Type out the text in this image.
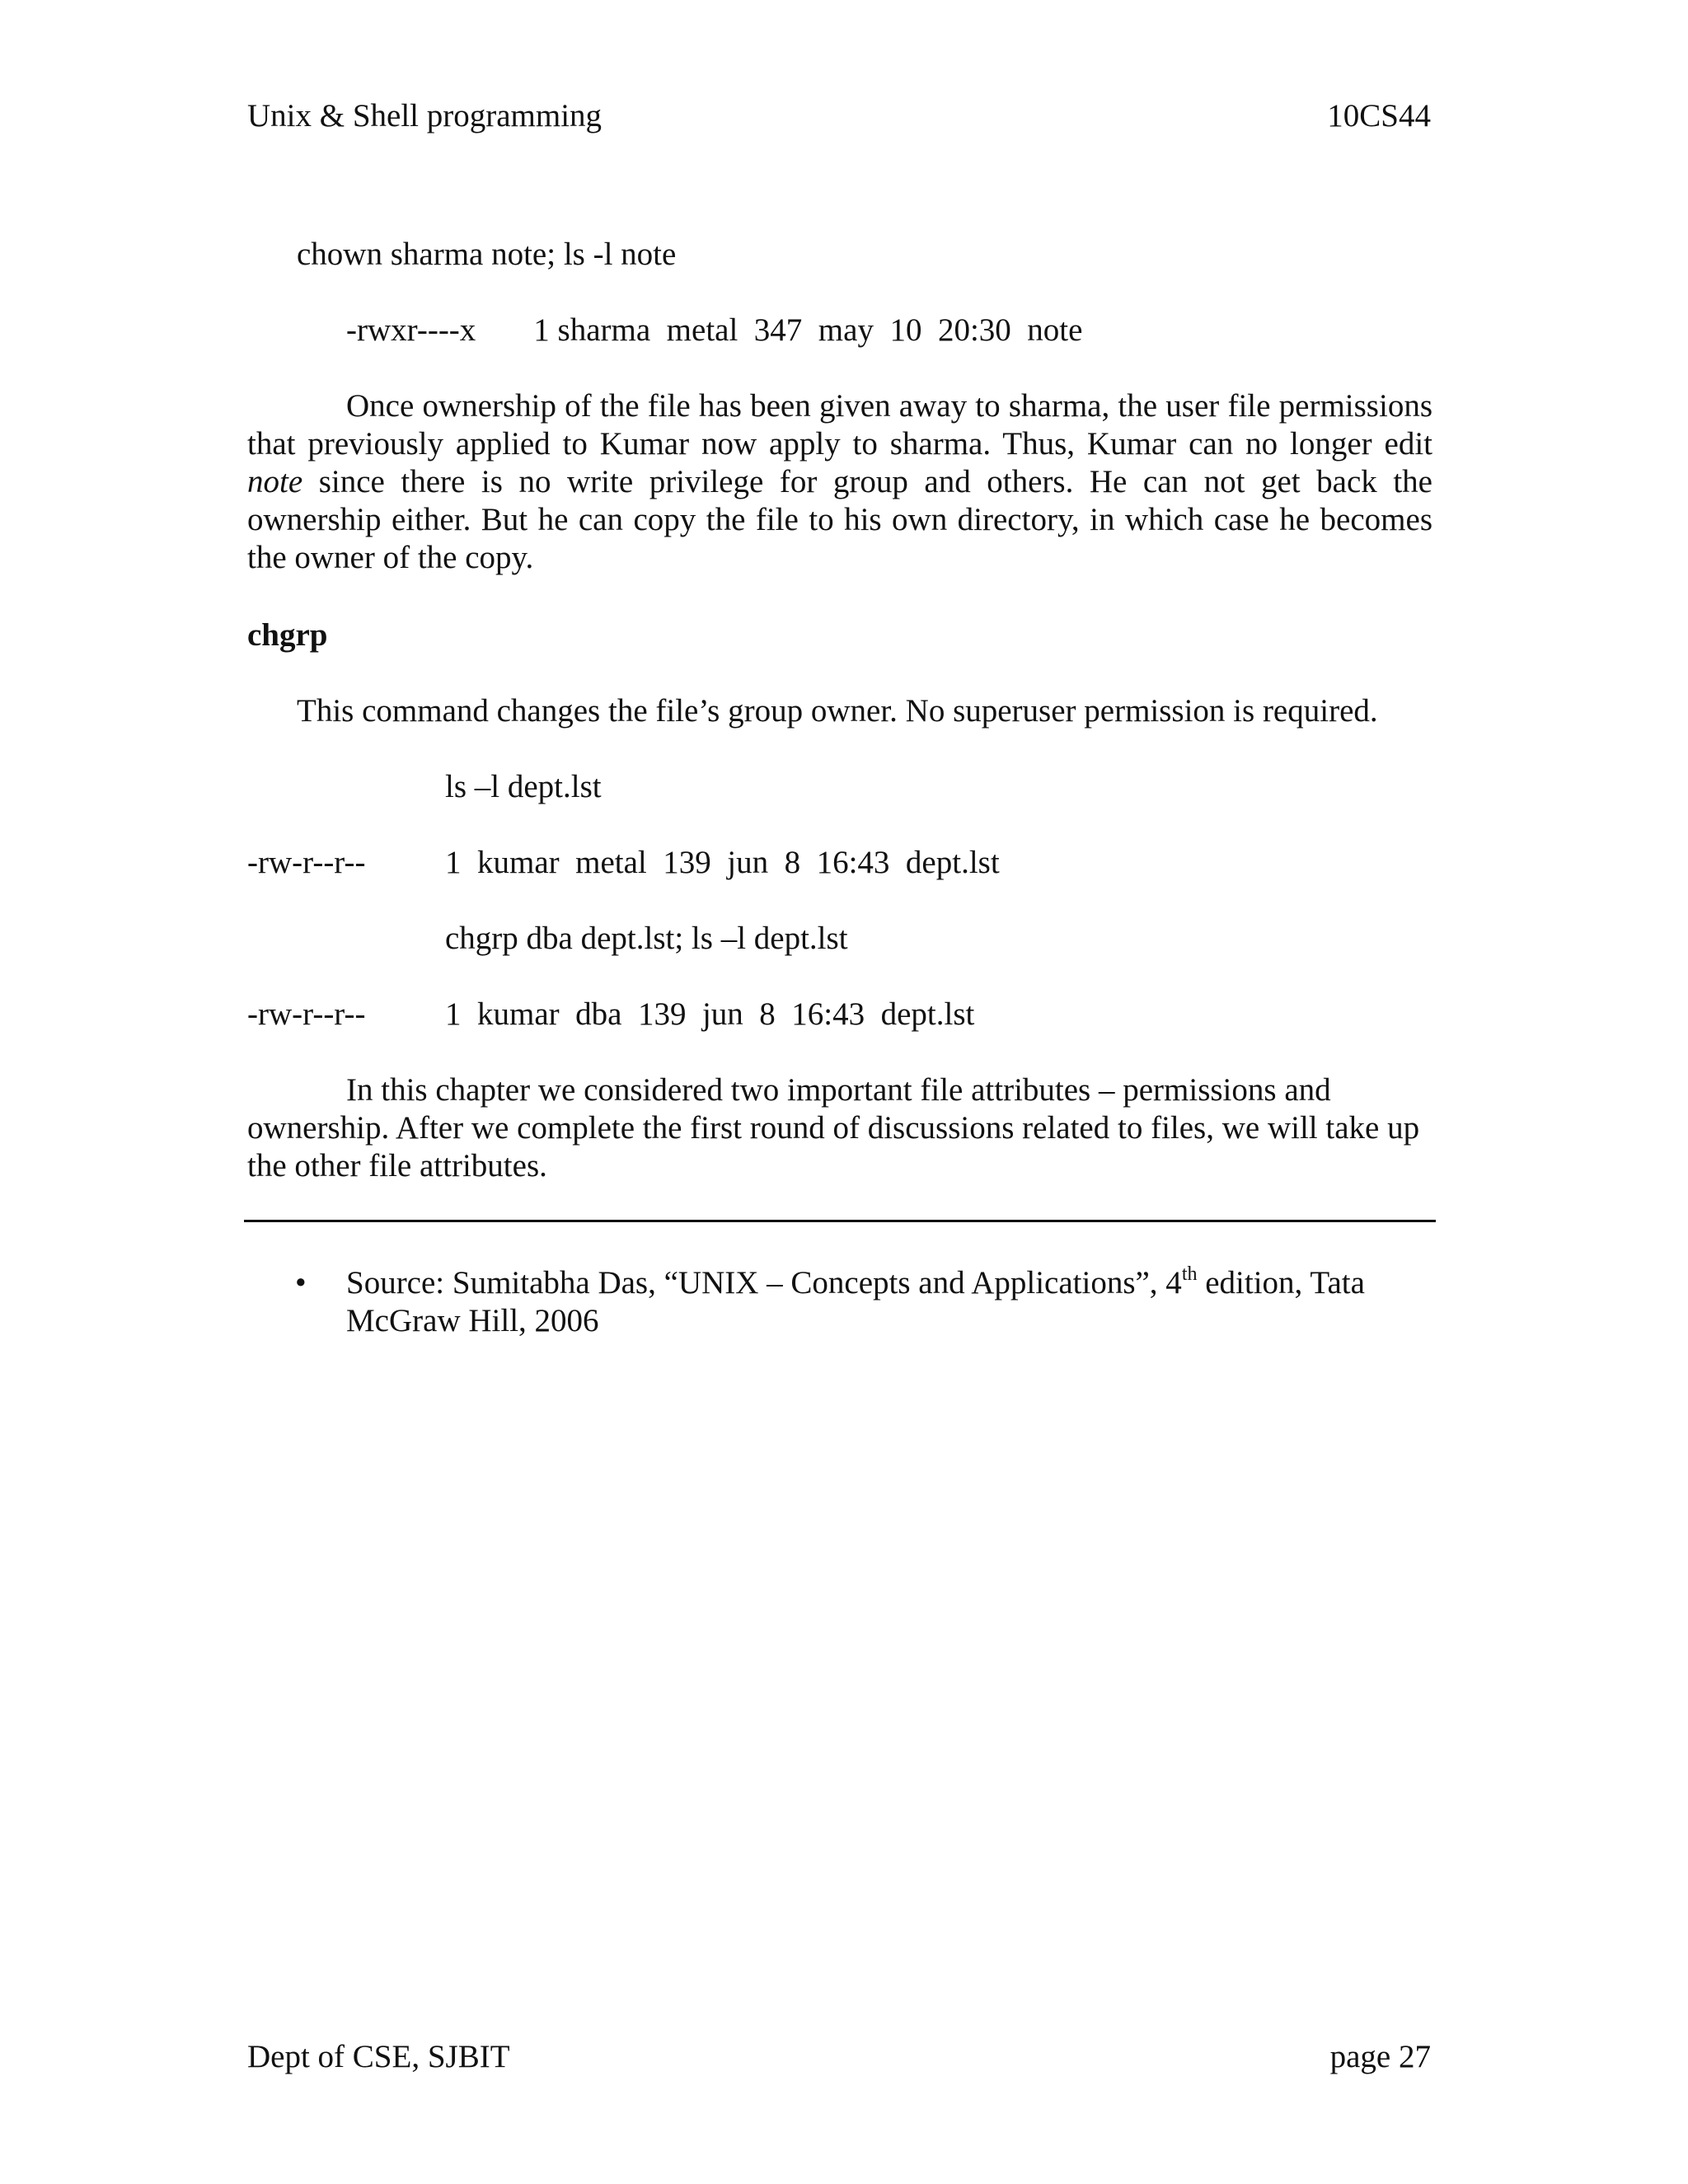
Unix & Shell programming	10CS44
chown sharma note; ls -l note
-rwxr----x 1 sharma  metal  347  may  10  20:30  note
Once ownership of the file has been given away to sharma, the user file permissions that previously applied to Kumar now apply to sharma. Thus, Kumar can no longer edit note since there is no write privilege for group and others. He can not get back the ownership either. But he can copy the file to his own directory, in which case he becomes the owner of the copy.
chgrp
This command changes the file’s group owner. No superuser permission is required.
ls –l dept.lst
-rw-r--r-- 1  kumar  metal  139  jun  8  16:43  dept.lst
chgrp dba dept.lst; ls –l dept.lst
-rw-r--r-- 1  kumar  dba  139  jun  8  16:43  dept.lst
In this chapter we considered two important file attributes – permissions and ownership. After we complete the first round of discussions related to files, we will take up the other file attributes.
• Source: Sumitabha Das, “UNIX – Concepts and Applications”, 4th edition, Tata McGraw Hill, 2006
Dept of CSE, SJBIT	page 27
